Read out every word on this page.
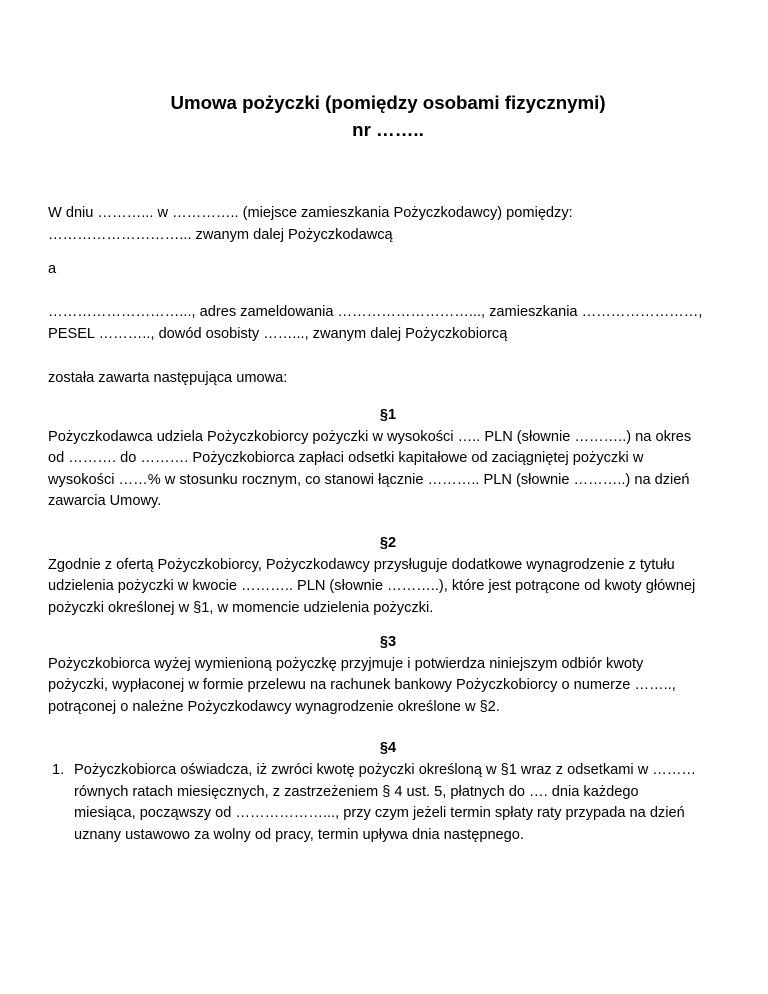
Umowa pożyczki (pomiędzy osobami fizycznymi)
nr ……..
W dniu ………... w ………….. (miejsce zamieszkania Pożyczkodawcy) pomiędzy:
………………………... zwanym dalej Pożyczkodawcą
a
………………………..., adres zameldowania ………………………..., zamieszkania ……………………,
PESEL ……….., dowód osobisty ……..., zwanym dalej Pożyczkobiorcą
została zawarta następująca umowa:
§1
Pożyczkodawca udziela Pożyczkobiorcy pożyczki w wysokości ….. PLN (słownie ………..) na okres
od ………. do ………. Pożyczkobiorca zapłaci odsetki kapitałowe od zaciągniętej pożyczki w
wysokości ……% w stosunku rocznym, co stanowi łącznie ……….. PLN (słownie ………..) na dzień
zawarcia Umowy.
§2
Zgodnie z ofertą Pożyczkobiorcy, Pożyczkodawcy przysługuje dodatkowe wynagrodzenie z tytułu
udzielenia pożyczki w kwocie ……….. PLN (słownie ………..), które jest potrącone od kwoty głównej
pożyczki określonej w §1, w momencie udzielenia pożyczki.
§3
Pożyczkobiorca wyżej wymienioną pożyczkę przyjmuje i potwierdza niniejszym odbiór kwoty
pożyczki, wypłaconej w formie przelewu na rachunek bankowy Pożyczkobiorcy o numerze ……..,
potrąconej o należne Pożyczkodawcy wynagrodzenie określone w §2.
§4
1. Pożyczkobiorca oświadcza, iż zwróci kwotę pożyczki określoną w §1 wraz z odsetkami w ………
równych ratach miesięcznych, z zastrzeżeniem § 4 ust. 5, płatnych do …. dnia każdego
miesiąca, począwszy od ………………..., przy czym jeżeli termin spłaty raty przypada na dzień
uznany ustawowo za wolny od pracy, termin upływa dnia następnego.
